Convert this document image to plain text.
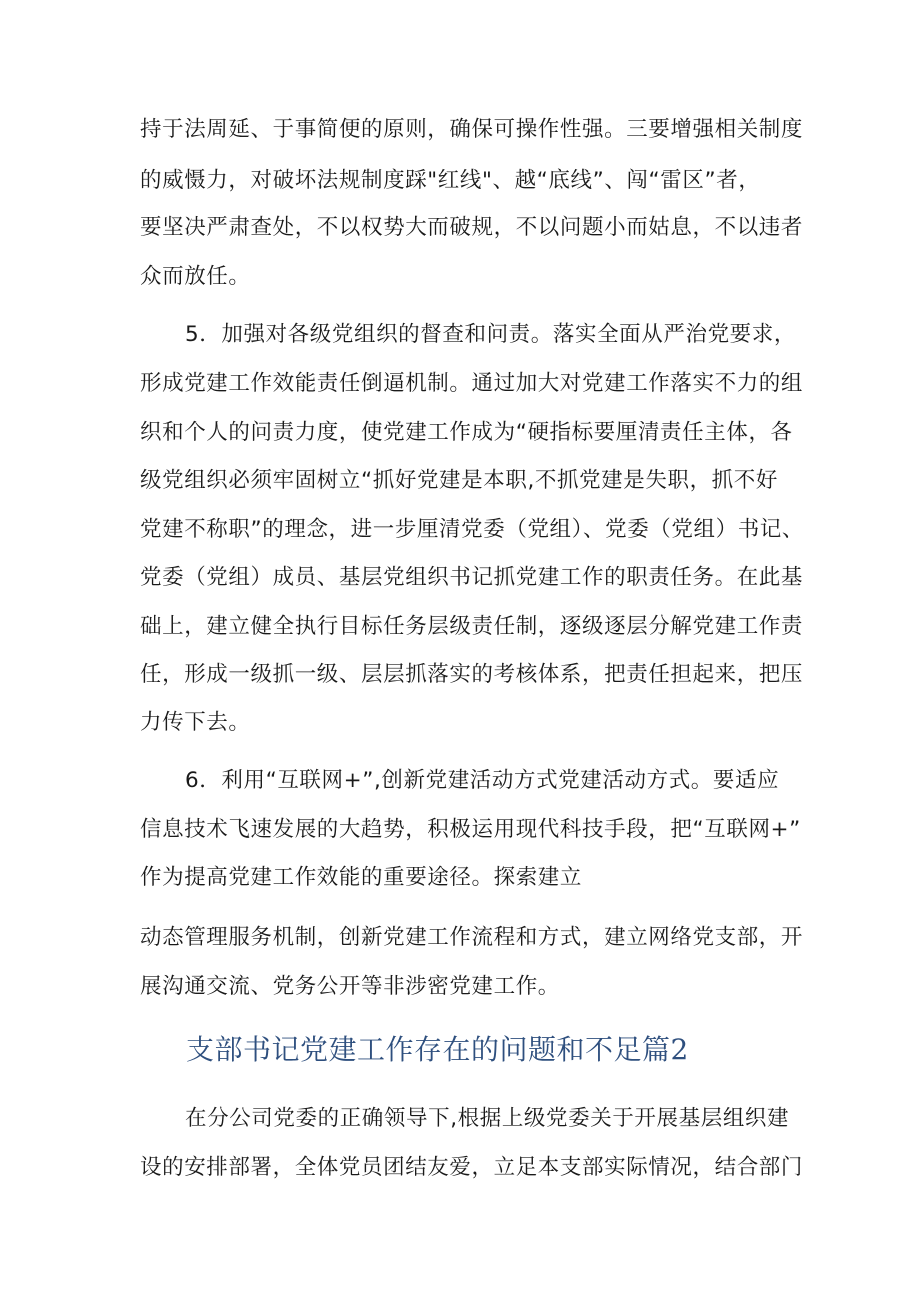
持于法周延、于事简便的原则，确保可操作性强。三要增强相关制度
的威慑力，对破坏法规制度踩"红线"、越“底线”、闯“雷区”者，
要坚决严肃查处，不以权势大而破规，不以问题小而姑息，不以违者
众而放任。
5．加强对各级党组织的督查和问责。落实全面从严治党要求，
形成党建工作效能责任倒逼机制。通过加大对党建工作落实不力的组
织和个人的问责力度，使党建工作成为“硬指标要厘清责任主体，各
级党组织必须牢固树立“抓好党建是本职,不抓党建是失职，抓不好
党建不称职”的理念，进一步厘清党委（党组）、党委（党组）书记、
党委（党组）成员、基层党组织书记抓党建工作的职责任务。在此基
础上，建立健全执行目标任务层级责任制，逐级逐层分解党建工作责
任，形成一级抓一级、层层抓落实的考核体系，把责任担起来，把压
力传下去。
6．利用“互联网+”,创新党建活动方式党建活动方式。要适应
信息技术飞速发展的大趋势，积极运用现代科技手段，把“互联网+”
作为提高党建工作效能的重要途径。探索建立
动态管理服务机制，创新党建工作流程和方式，建立网络党支部，开
展沟通交流、党务公开等非涉密党建工作。
支部书记党建工作存在的问题和不足篇2
在分公司党委的正确领导下,根据上级党委关于开展基层组织建
设的安排部署，全体党员团结友爱，立足本支部实际情况，结合部门
